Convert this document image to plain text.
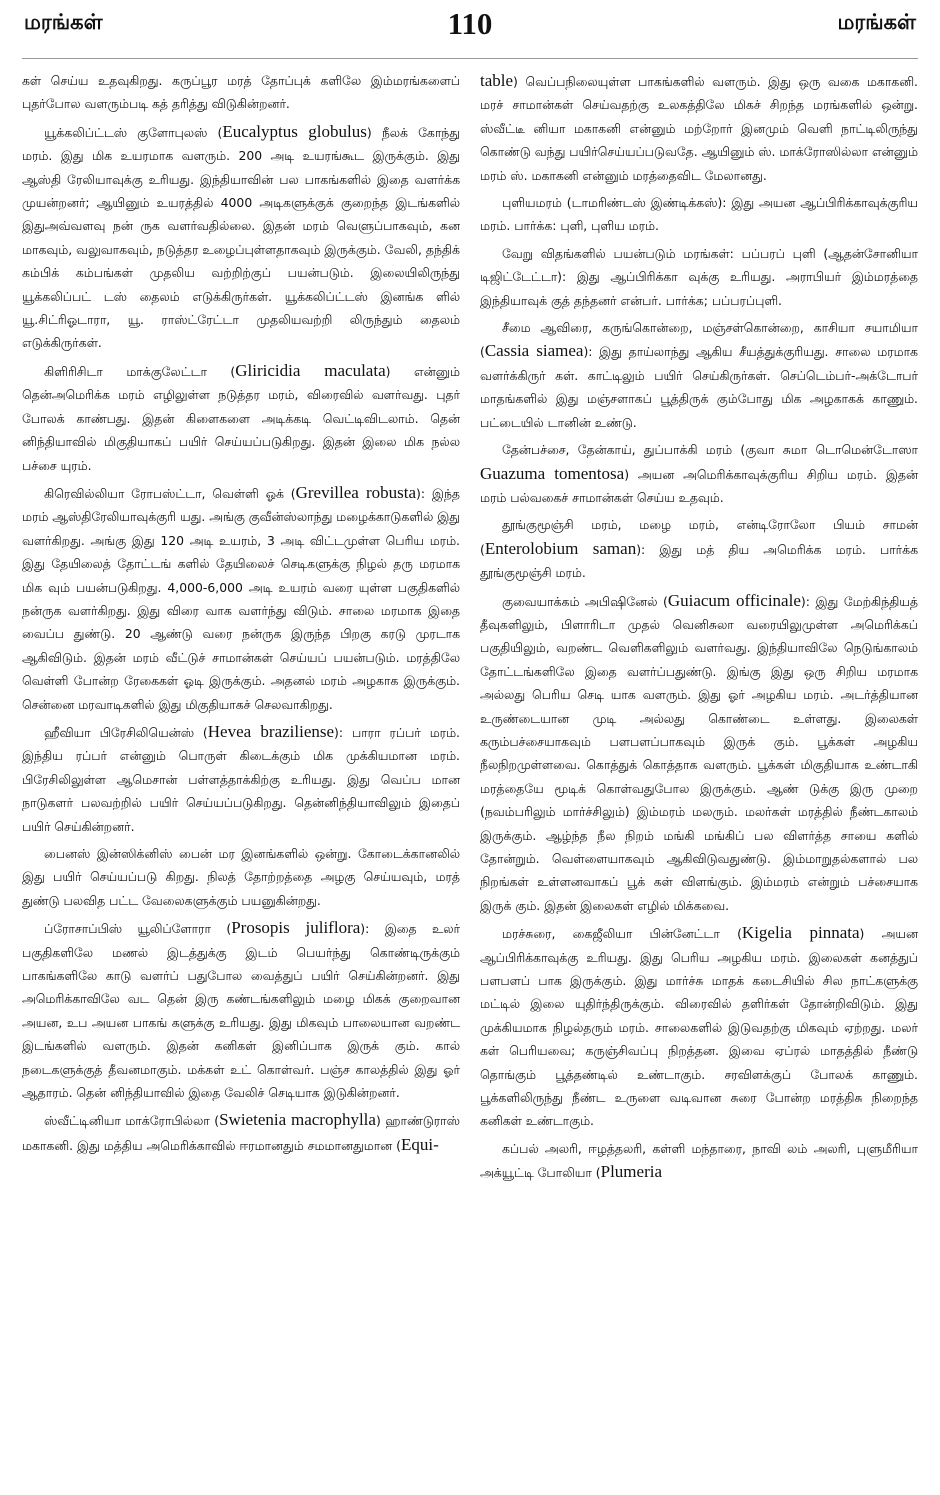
மரங்கள்	110	மரங்கள்

கள் செய்ய உதவுகிறது. கருப்பூர மரத் தோப்புக் களிலே இம்மரங்களைப் புதர்போல வளரும்படி கத் தரித்து விடுகின்றனர்.

யூக்கலிப்ட்டஸ் குளோபுலஸ் (Eucalyptus globulus) நீலக் கோந்து மரம். இது மிக உயரமாக வளரும். 200 அடி உயரங்கூட இருக்கும். இது ஆஸ்தி ரேலியாவுக்கு உரியது. இந்தியாவின் பல பாகங்களில் இதை வளர்க்க முயன்றனர்; ஆயினும் உயரத்தில் 4000 அடிகளுக்குக் குறைந்த இடங்களில் இதுஅவ்வளவு நன் ருக வளர்வதில்லை. இதன் மரம் வெளுப்பாகவும், கன மாகவும், வலுவாகவும், நடுத்தர உழைப்புள்ளதாகவும் இருக்கும். வேலி, தந்திக் கம்பிக் கம்பங்கள் முதலிய வற்றிற்குப் பயன்படும். இலையிலிருந்து யூக்கலிப்பட் டஸ் தைலம் எடுக்கிருர்கள். யூக்கலிப்ட்டஸ் இனங்க ளில் யூ.சிட்ரிஓடாரா, யூ. ராஸ்ட்ரேட்டா முதலியவற்றி லிருந்தும் தைலம் எடுக்கிருர்கள்.

கிளிரிசிடா மாக்குலேட்டா (Gliricidia maculata) என்னும் தென்அமெரிக்க மரம் எழிலுள்ள நடுத்தர மரம், விரைவில் வளர்வது. புதர் போலக் காண்பது. இதன் கிளைகளை அடிக்கடி வெட்டிவிடலாம். தென் னிந்தியாவில் மிகுதியாகப் பயிர் செய்யப்படுகிறது. இதன் இலை மிக நல்ல பச்சை யுரம்.

கிரெவில்லியா ரோபஸ்ட்டா, வெள்ளி ஓக் (Grevillea robusta): இந்த மரம் ஆஸ்திரேலியாவுக்குரி யது. அங்கு குவீன்ஸ்லாந்து மழைக்காடுகளில் இது வளர்கிறது. அங்கு இது 120 அடி உயரம், 3 அடி விட்டமுள்ள பெரிய மரம். இது தேயிலைத் தோட்டங் களில் தேயிலைச் செடிகளுக்கு நிழல் தரு மரமாக மிக வும் பயன்படுகிறது. 4,000-6,000 அடி உயரம் வரை யுள்ள பகுதிகளில் நன்ருக வளர்கிறது. இது விரை வாக வளர்ந்து விடும். சாலை மரமாக இதை வைப்ப துண்டு. 20 ஆண்டு வரை நன்ருக இருந்த பிறகு கரடு முரடாக ஆகிவிடும். இதன் மரம் வீட்டுச் சாமான்கள் செய்யப் பயன்படும். மரத்திலே வெள்ளி போன்ற ரேகைகள் ஓடி இருக்கும். அதனல் மரம் அழகாக இருக்கும். சென்னை மரவாடிகளில் இது மிகுதியாகச் செலவாகிறது.

ஹீவியா பிரேசிலியென்ஸ் (Hevea braziliense): பாரா ரப்பர் மரம். இந்திய ரப்பர் என்னும் பொருள் கிடைக்கும் மிக முக்கியமான மரம். பிரேசிலிலுள்ள ஆமெசான் பள்ளத்தாக்கிற்கு உரியது. இது வெப்ப மான நாடுகளர் பலவற்றில் பயிர் செய்யப்படுகிறது. தென்னிந்தியாவிலும் இதைப் பயிர் செய்கின்றனர்.

பைனஸ் இன்ஸிக்னிஸ் பைன் மர இனங்களில் ஒன்று. கோடைக்கானலில் இது பயிர் செய்யப்படு கிறது. நிலத் தோற்றத்தை அழகு செய்யவும், மரத் துண்டு பலவித பட்ட வேலைகளுக்கும் பயனுகின்றது.

ப்ரோசாப்பிஸ் யூலிப்ளோரா (Prosopis juliflora): இதை உலர் பகுதிகளிலே மணல் இடத்துக்கு இடம் பெயர்ந்து கொண்டிருக்கும் பாகங்களிலே காடு வளர்ப் பதுபோல வைத்துப் பயிர் செய்கின்றனர். இது அமெரிக்காவிலே வட தென் இரு கண்டங்களிலும் மழை மிகக் குறைவான அயன, உப அயன பாகங் களுக்கு உரியது. இது மிகவும் பாலையான வறண்ட இடங்களில் வளரும். இதன் கனிகள் இனிப்பாக இருக் கும். கால் நடைகளுக்குத் தீவனமாகும். மக்கள் உட் கொள்வர். பஞ்ச காலத்தில் இது ஓர் ஆதாரம். தென் னிந்தியாவில் இதை வேலிச் செடியாக இடுகின்றனர்.

ஸ்வீட்டினியா மாக்ரோபில்லா (Swietenia macrophylla) ஹாண்டுராஸ் மகாகனி. இது மத்திய அமெரிக்காவில் ஈரமானதும் சமமானதுமான (Equi-

table) வெப்பநிலையுள்ள பாகங்களில் வளரும். இது ஒரு வகை மகாகனி. மரச் சாமான்கள் செய்வதற்கு உலகத்திலே மிகச் சிறந்த மரங்களில் ஒன்று. ஸ்வீட்டீ னியா மகாகனி என்னும் மற்றோர் இனமும் வெளி நாட்டிலிருந்து கொண்டு வந்து பயிர்செய்யப்படுவதே. ஆயினும் ஸ். மாக்ரோஸில்லா என்னும் மரம் ஸ். மகாகனி என்னும் மரத்தைவிட மேலானது.

புளியமரம் (டாமரிண்டஸ் இண்டிக்கஸ்): இது அயன ஆப்பிரிக்காவுக்குரிய மரம். பார்க்க: புளி, புளிய மரம்.

வேறு விதங்களில் பயன்படும் மரங்கள்: பப்பரப் புளி (ஆதன்சோனியா டிஜிட்டேட்டா): இது ஆப்பிரிக்கா வுக்கு உரியது. அராபியர் இம்மரத்தை இந்தியாவுக் குத் தந்தனர் என்பர். பார்க்க; பப்பரப்புளி.

சீமை ஆவிரை, கருங்கொன்றை, மஞ்சள்கொன்றை, காசியா சயாமியா (Cassia siamea): இது தாய்லாந்து ஆகிய சீயத்துக்குரியது. சாலை மரமாக வளர்க்கிருர் கள். காட்டிலும் பயிர் செய்கிருர்கள். செப்டெம்பர்-அக்டோபர் மாதங்களில் இது மஞ்சளாகப் பூத்திருக் கும்போது மிக அழகாகக் காணும். பட்டையில் டானின் உண்டு.

தேன்பச்சை, தேன்காய், துப்பாக்கி மரம் (குவா சுமா டொமென்டோஸா Guazuma tomentosa) அயன அமெரிக்காவுக்குரிய சிறிய மரம். இதன் மரம் பல்வகைச் சாமான்கள் செய்ய உதவும்.

தூங்குமூஞ்சி மரம், மழை மரம், என்டிரோலோ பியம் சாமன் (Enterolobium saman): இது மத் திய அமெரிக்க மரம். பார்க்க தூங்குமூஞ்சி மரம்.

குவையாக்கம் அபிஷினேல் (Guiacum officinale): இது மேற்கிந்தியத் தீவுகளிலும், பிளாரிடா முதல் வெனிசுலா வரையிலுமுள்ள அமெரிக்கப் பகுதியிலும், வறண்ட வெளிகளிலும் வளர்வது. இந்தியாவிலே நெடுங்காலம் தோட்டங்களிலே இதை வளர்ப்பதுண்டு. இங்கு இது ஒரு சிறிய மரமாக அல்லது பெரிய செடி யாக வளரும். இது ஓர் அழகிய மரம். அடர்த்தியான உருண்டையான முடி அல்லது கொண்டை உள்ளது. இலைகள் கரும்பச்சையாகவும் பளபளப்பாகவும் இருக் கும். பூக்கள் அழகிய நீலநிறமுள்ளவை. கொத்துக் கொத்தாக வளரும். பூக்கள் மிகுதியாக உண்டாகி மரத்தையே மூடிக் கொள்வதுபோல இருக்கும். ஆண் டுக்கு இரு முறை (நவம்பரிலும் மார்ச்சிலும்) இம்மரம் மலரும். மலர்கள் மரத்தில் நீண்டகாலம் இருக்கும். ஆழ்ந்த நீல நிறம் மங்கி மங்கிப் பல விளர்த்த சாயை களில் தோன்றும். வெள்ளையாகவும் ஆகிவிடுவதுண்டு. இம்மாறுதல்களால் பல நிறங்கள் உள்ளனவாகப் பூக் கள் விளங்கும். இம்மரம் என்றும் பச்சையாக இருக் கும். இதன் இலைகள் எழில் மிக்கவை.

மரச்சுரை, கைஜீலியா பின்னேட்டா (Kigelia pinnata) அயன ஆப்பிரிக்காவுக்கு உரியது. இது பெரிய அழகிய மரம். இலைகள் கனத்துப் பளபளப் பாக இருக்கும். இது மார்ச்சு மாதக் கடைசியில் சில நாட்களுக்கு மட்டில் இலை யுதிர்ந்திருக்கும். விரைவில் தளிர்கள் தோன்றிவிடும். இது முக்கியமாக நிழல்தரும் மரம். சாலைகளில் இடுவதற்கு மிகவும் ஏற்றது. மலர் கள் பெரியவை; கருஞ்சிவப்பு நிறத்தன. இவை ஏப்ரல் மாதத்தில் நீண்டு தொங்கும் பூத்தண்டில் உண்டாகும். சரவிளக்குப் போலக் காணும். பூக்களிலிருந்து நீண்ட உருளை வடிவான சுரை போன்ற மரத்திசு நிறைந்த கனிகள் உண்டாகும்.

கப்பல் அலரி, ஈழத்தலரி, கள்ளி மந்தாரை, நாவி லம் அலரி, புளுமீரியா அக்யூட்டி போலியா (Plumeria
